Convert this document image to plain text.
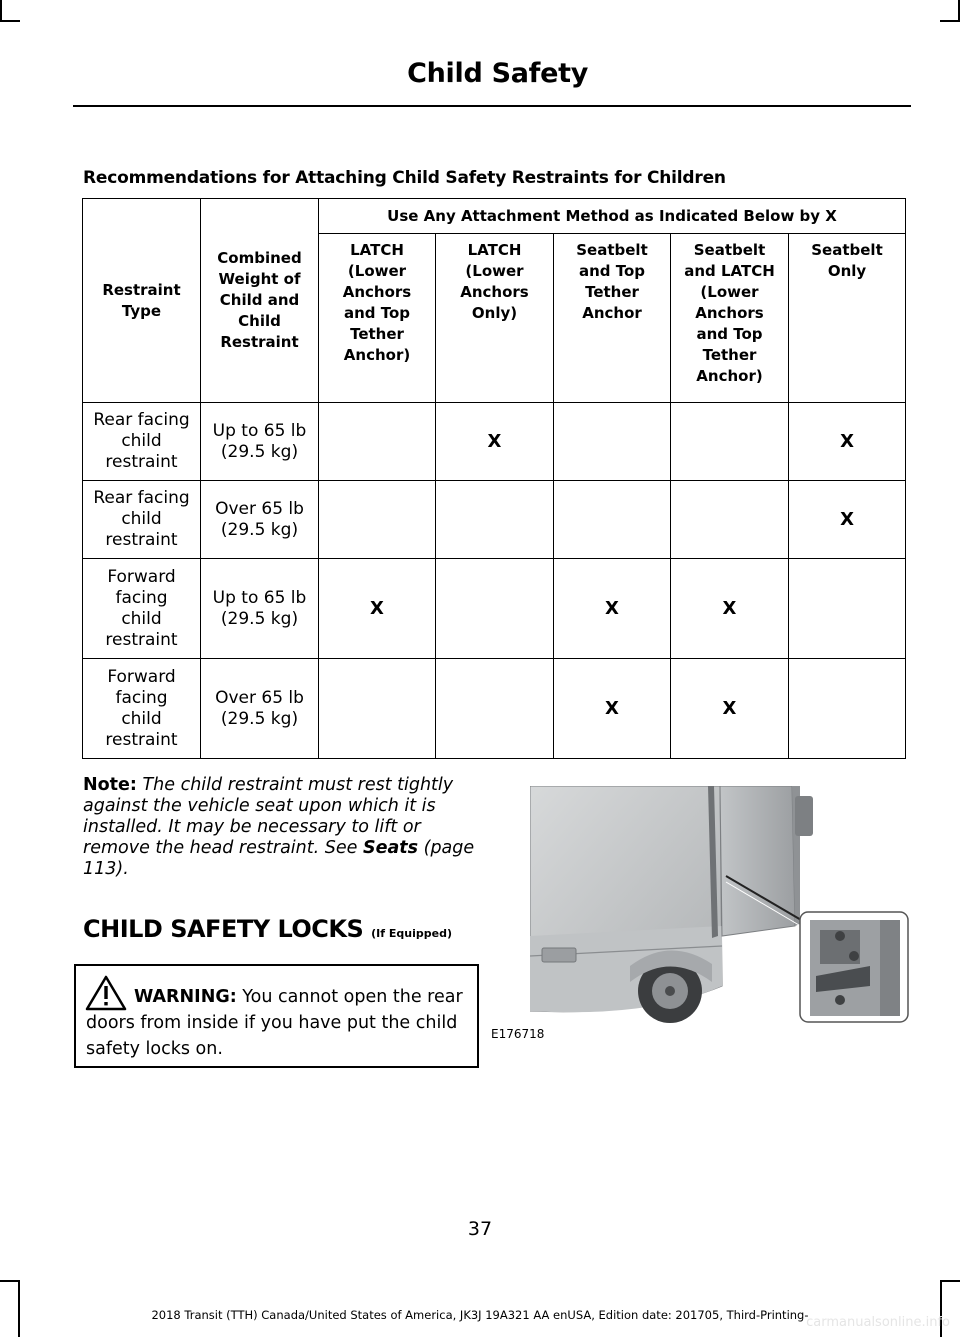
Child Safety
Recommendations for Attaching Child Safety Restraints for Children
Restraint Type	Combined Weight of Child and Child Restraint	Use Any Attachment Method as Indicated Below by X				
		LATCH (Lower Anchors and Top Tether Anchor)	LATCH (Lower Anchors Only)	Seatbelt and Top Tether Anchor	Seatbelt and LATCH (Lower Anchors and Top Tether Anchor)	Seatbelt Only
Rear facing child restraint	Up to 65 lb (29.5 kg)		X			X
Rear facing child restraint	Over 65 lb (29.5 kg)					X
Forward facing child restraint	Up to 65 lb (29.5 kg)	X		X	X	
Forward facing child restraint	Over 65 lb (29.5 kg)			X	X	
Note: The child restraint must rest tightly against the vehicle seat upon which it is installed. It may be necessary to lift or remove the head restraint. See Seats (page 113).
CHILD SAFETY LOCKS (If Equipped)
WARNING: You cannot open the rear doors from inside if you have put the child safety locks on.
E176718
37
2018 Transit (TTH) Canada/United States of America, JK3J 19A321 AA enUSA, Edition date: 201705, Third-Printing-
carmanualsonline.info
